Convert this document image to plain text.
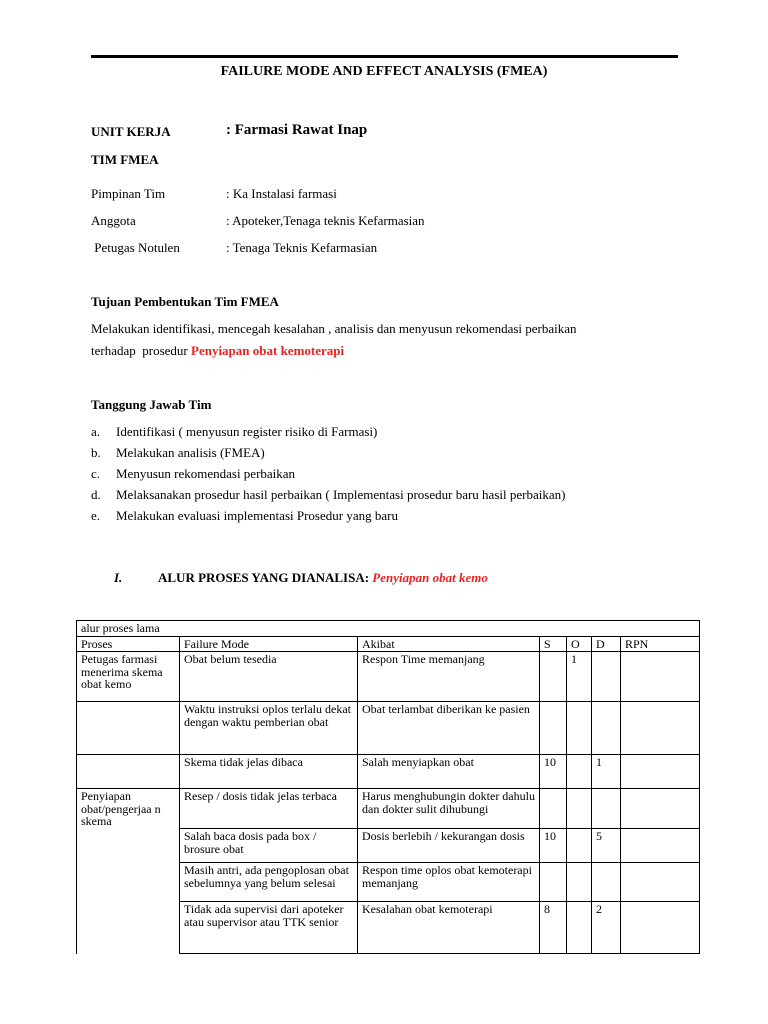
FAILURE MODE AND EFFECT ANALYSIS (FMEA)
UNIT KERJA	: Farmasi Rawat Inap
TIM FMEA
Pimpinan Tim	: Ka Instalasi farmasi
Anggota	: Apoteker,Tenaga teknis Kefarmasian
Petugas Notulen	: Tenaga Teknis Kefarmasian
Tujuan Pembentukan Tim FMEA
Melakukan identifikasi, mencegah kesalahan , analisis dan menyusun rekomendasi perbaikan
terhadap  prosedur Penyiapan obat kemoterapi
Tanggung Jawab Tim
a. Identifikasi ( menyusun register risiko di Farmasi)
b. Melakukan analisis (FMEA)
c. Menyusun rekomendasi perbaikan
d. Melaksanakan prosedur hasil perbaikan ( Implementasi prosedur baru hasil perbaikan)
e. Melakukan evaluasi implementasi Prosedur yang baru
I.	ALUR PROSES YANG DIANALISA: Penyiapan obat kemo
alur proses lama						
Proses	Failure Mode	Akibat	S	O	D	RPN
Petugas farmasi menerima skema obat kemo	Obat belum tesedia	Respon Time memanjang		1		
	Waktu instruksi oplos terlalu dekat dengan waktu pemberian obat	Obat terlambat diberikan ke pasien				
	Skema tidak jelas dibaca	Salah menyiapkan obat	10		1	
Penyiapan obat/pengerjaa n skema	Resep / dosis tidak jelas terbaca	Harus menghubungin dokter dahulu dan dokter sulit dihubungi				
	Salah baca dosis pada box / brosure obat	Dosis berlebih / kekurangan dosis	10		5	
	Masih antri, ada pengoplosan obat sebelumnya yang belum selesai	Respon time oplos obat kemoterapi memanjang				
	Tidak ada supervisi dari apoteker atau supervisor atau TTK senior	Kesalahan obat kemoterapi	8		2	
